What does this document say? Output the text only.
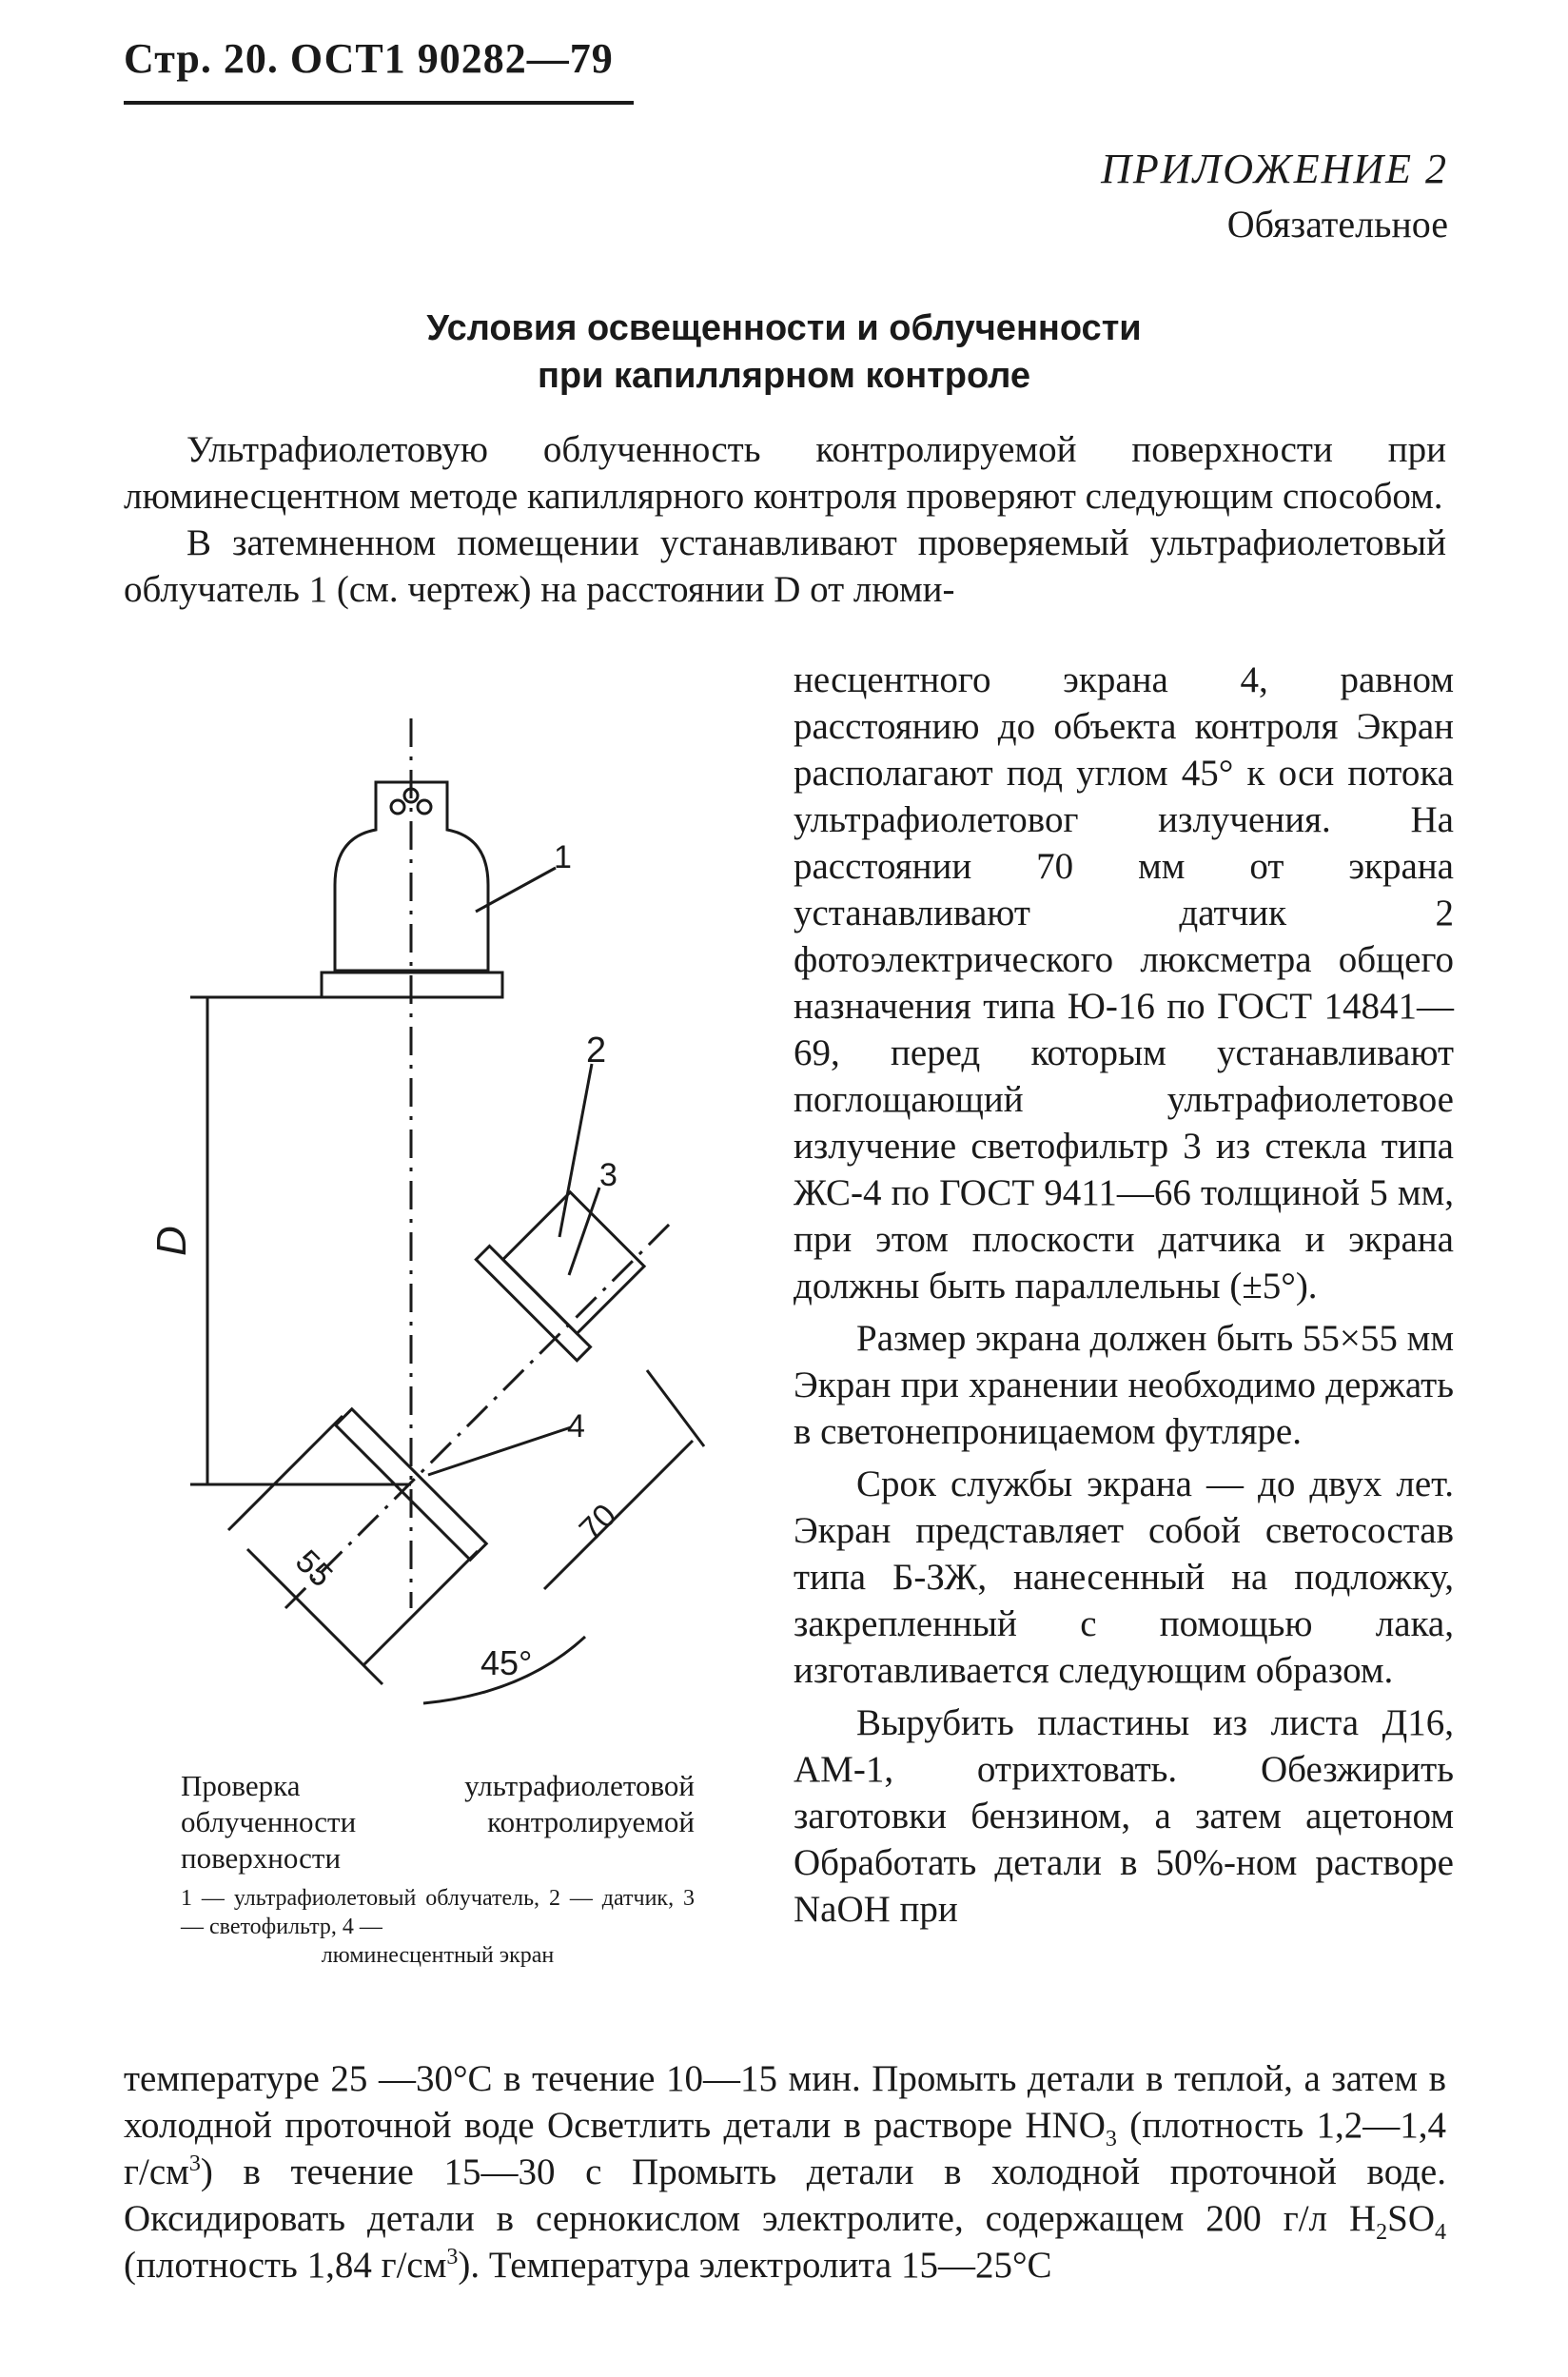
Стр. 20. ОСТ1 90282—79
ПРИЛОЖЕНИЕ 2
Обязательное
Условия освещенности и облученности
при капиллярном контроле

Ультрафиолетовую облученность контролируемой поверхности при люминесцентном методе капиллярного контроля проверяют следующим способом.

В затемненном помещении устанавливают проверяемый ультрафиолетовый облучатель 1 (см. чертеж) на расстоянии D от люми-

несцентного экрана 4, равном расстоянию до объекта контроля Экран располагают под углом 45° к оси потока ультрафиолетовог излучения. На расстоянии 70 мм от экрана устанавливают датчик 2 фотоэлектрического люксметра общего назначения типа Ю-16 по ГОСТ 14841—69, перед которым устанавливают поглощающий ультрафиолетовое излучение светофильтр 3 из стекла типа ЖС-4 по ГОСТ 9411—66 толщиной 5 мм, при этом плоскости датчика и экрана должны быть параллельны (±5°).

Размер экрана должен быть 55×55 мм Экран при хранении необходимо держать в светонепроницаемом футляре.

Срок службы экрана — до двух лет. Экран представляет собой светосостав типа Б-ЗЖ, нанесенный на подложку, закрепленный с помощью лака, изготавливается следующим образом.

Вырубить пластины из листа Д16, АМ-1, отрихтовать. Обезжирить заготовки бензином, а затем ацетоном Обработать детали в 50%-ном растворе NaOH при

температуре 25 —30°С в течение 10—15 мин. Промыть детали в теплой, а затем в холодной проточной воде Осветлить детали в растворе $HNO_3$ (плотность 1,2—1,4 $г/см^3$) в течение 15—30 с Промыть детали в холодной проточной воде. Оксидировать детали в сернокислом электролите, содержащем 200 г/л $H_2SO_4$ (плотность 1,84 $г/см^3$). Температура электролита 15—25°С

1
2
3
4
D
70
55
45°
Проверка ультрафиолетовой облученности контролируемой поверхности
1 — ультрафиолетовый облучатель, 2 — датчик, 3 — светофильтр, 4 —
люминесцентный экран
